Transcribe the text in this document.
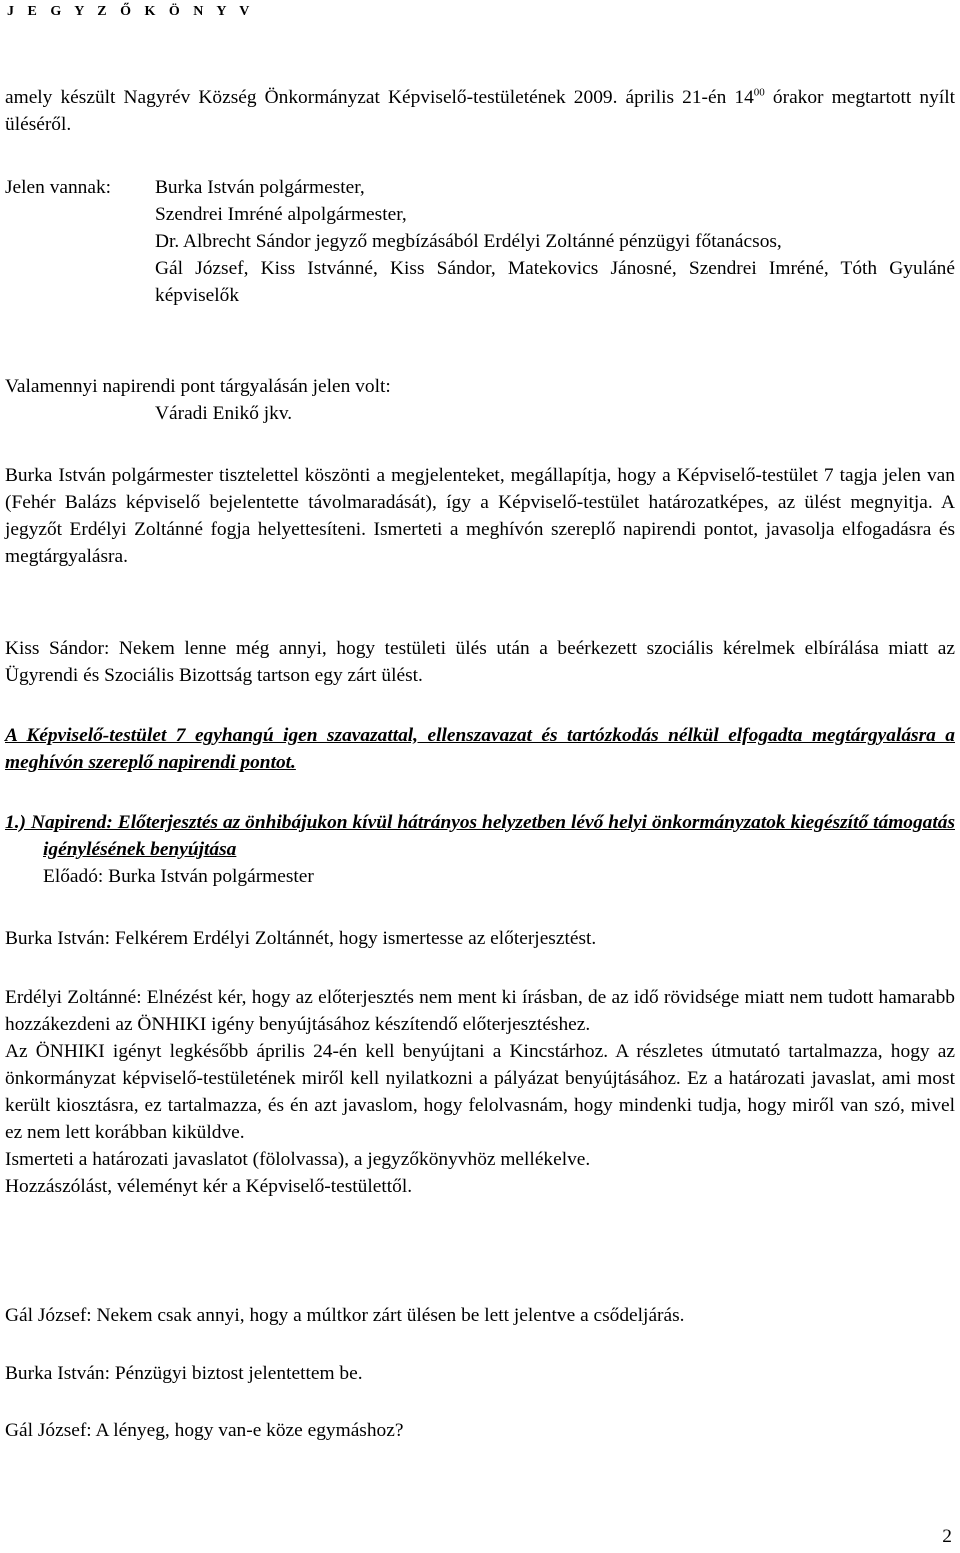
J E G Y Z Ő K Ö N Y V
amely készült Nagyrév Község Önkormányzat Képviselő-testületének 2009. április 21-én $14^{00}$ órakor megtartott nyílt üléséről.
Jelen vannak:	Burka István polgármester,

Szendrei Imréné alpolgármester,

Dr. Albrecht Sándor jegyző megbízásából Erdélyi Zoltánné pénzügyi főtanácsos,

Gál József, Kiss Istvánné, Kiss Sándor, Matekovics Jánosné, Szendrei Imréné, Tóth Gyuláné képviselők

Valamennyi napirendi pont tárgyalásán jelen volt:

Váradi Enikő jkv.

Burka István polgármester tisztelettel köszönti a megjelenteket, megállapítja, hogy a Képviselő-testület 7 tagja jelen van (Fehér Balázs képviselő bejelentette távolmaradását), így a Képviselő-testület határozatképes, az ülést megnyitja. A jegyzőt Erdélyi Zoltánné fogja helyettesíteni. Ismerteti a meghívón szereplő napirendi pontot, javasolja elfogadásra és megtárgyalásra.

Kiss Sándor: Nekem lenne még annyi, hogy testületi ülés után a beérkezett szociális kérelmek elbírálása miatt az Ügyrendi és Szociális Bizottság tartson egy zárt ülést.

A Képviselő-testület 7 egyhangú igen szavazattal, ellenszavazat és tartózkodás nélkül elfogadta megtárgyalásra a meghívón szereplő napirendi pontot.

1.) Napirend: Előterjesztés az önhibájukon kívül hátrányos helyzetben lévő helyi önkormányzatok kiegészítő támogatás igénylésének benyújtása

Előadó: Burka István polgármester

Burka István: Felkérem Erdélyi Zoltánnét, hogy ismertesse az előterjesztést.

Erdélyi Zoltánné: Elnézést kér, hogy az előterjesztés nem ment ki írásban, de az idő rövidsége miatt nem tudott hamarabb hozzákezdeni az ÖNHIKI igény benyújtásához készítendő előterjesztéshez.

Az ÖNHIKI igényt legkésőbb április 24-én kell benyújtani a Kincstárhoz. A részletes útmutató tartalmazza, hogy az önkormányzat képviselő-testületének miről kell nyilatkozni a pályázat benyújtásához. Ez a határozati javaslat, ami most került kiosztásra, ez tartalmazza, és én azt javaslom, hogy felolvasnám, hogy mindenki tudja, hogy miről van szó, mivel ez nem lett korábban kiküldve.

Ismerteti a határozati javaslatot (fölolvassa), a jegyzőkönyvhöz mellékelve.

Hozzászólást, véleményt kér a Képviselő-testülettől.

Gál József: Nekem csak annyi, hogy a múltkor zárt ülésen be lett jelentve a csődeljárás.

Burka István: Pénzügyi biztost jelentettem be.

Gál József: A lényeg, hogy van-e köze egymáshoz?

2
